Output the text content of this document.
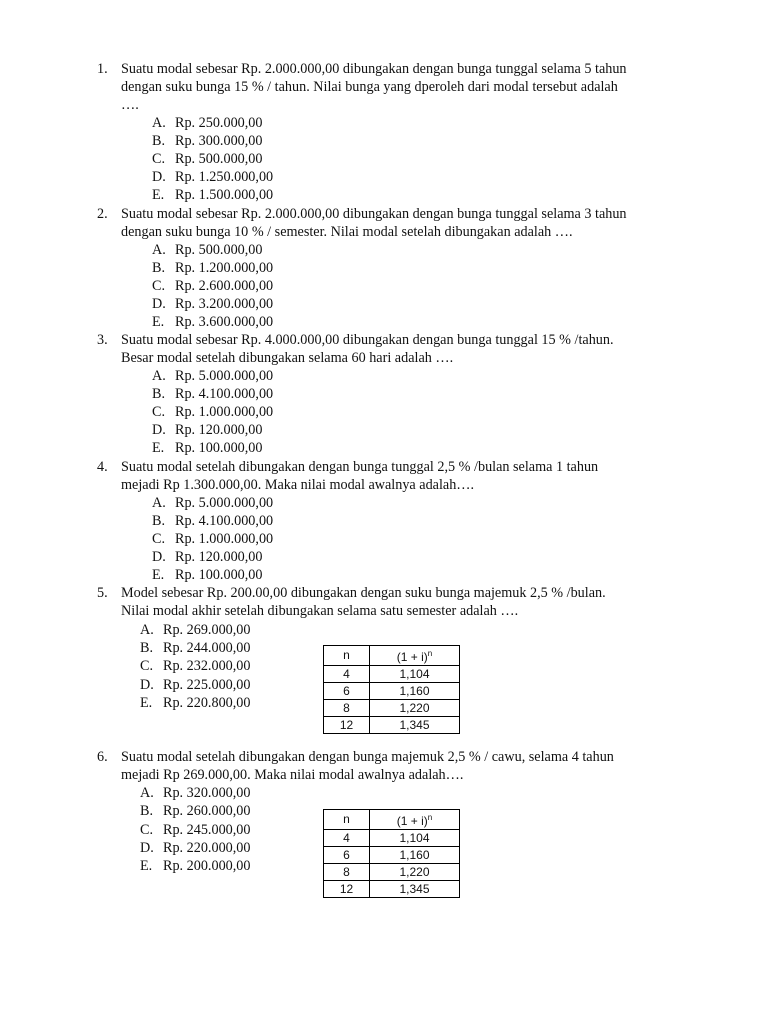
1. Suatu modal sebesar Rp. 2.000.000,00 dibungakan dengan bunga tunggal selama 5 tahun
dengan suku bunga 15 % / tahun. Nilai bunga yang dperoleh dari modal tersebut adalah
….
A. Rp. 250.000,00
B. Rp. 300.000,00
C. Rp. 500.000,00
D. Rp. 1.250.000,00
E. Rp. 1.500.000,00
2. Suatu modal sebesar Rp. 2.000.000,00 dibungakan dengan bunga tunggal selama 3 tahun
dengan suku bunga 10 % / semester. Nilai modal setelah dibungakan adalah ….
A. Rp. 500.000,00
B. Rp. 1.200.000,00
C. Rp. 2.600.000,00
D. Rp. 3.200.000,00
E. Rp. 3.600.000,00
3. Suatu modal sebesar Rp. 4.000.000,00 dibungakan dengan bunga tunggal 15 % /tahun.
Besar modal setelah dibungakan selama 60 hari adalah ….
A. Rp. 5.000.000,00
B. Rp. 4.100.000,00
C. Rp. 1.000.000,00
D. Rp. 120.000,00
E. Rp. 100.000,00
4. Suatu modal setelah dibungakan dengan bunga tunggal 2,5 % /bulan selama 1 tahun
mejadi Rp 1.300.000,00. Maka nilai modal awalnya adalah….
A. Rp. 5.000.000,00
B. Rp. 4.100.000,00
C. Rp. 1.000.000,00
D. Rp. 120.000,00
E. Rp. 100.000,00
5. Model sebesar Rp. 200.00,00 dibungakan dengan suku bunga majemuk 2,5 % /bulan.
Nilai modal akhir setelah dibungakan selama satu semester adalah ….
A. Rp. 269.000,00
B. Rp. 244.000,00
C. Rp. 232.000,00
D. Rp. 225.000,00
E. Rp. 220.800,00
n	$(1 + i)^n$
4	1,104
6	1,160
8	1,220
12	1,345
6. Suatu modal setelah dibungakan dengan bunga majemuk 2,5 % / cawu, selama 4 tahun
mejadi Rp 269.000,00. Maka nilai modal awalnya adalah….
A. Rp. 320.000,00
B. Rp. 260.000,00
C. Rp. 245.000,00
D. Rp. 220.000,00
E. Rp. 200.000,00
n	$(1 + i)^n$
4	1,104
6	1,160
8	1,220
12	1,345
